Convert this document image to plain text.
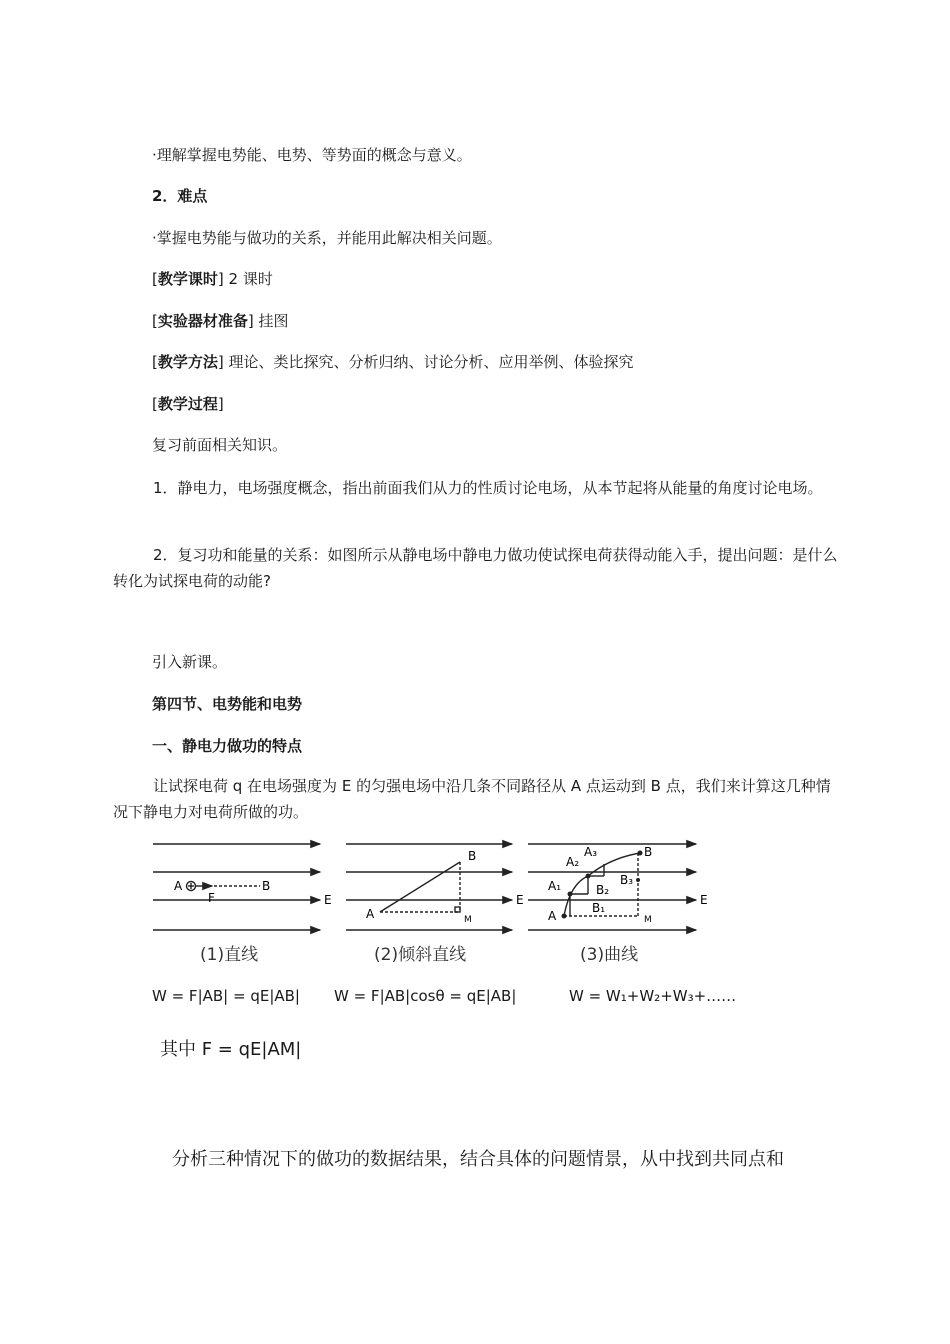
·理解掌握电势能、电势、等势面的概念与意义。
2．难点
·掌握电势能与做功的关系，并能用此解决相关问题。
[教学课时] 2 课时
[实验器材准备] 挂图
[教学方法] 理论、类比探究、分析归纳、讨论分析、应用举例、体验探究
[教学过程]
复习前面相关知识。
1．静电力，电场强度概念，指出前面我们从力的性质讨论电场，从本节起将从能量的角度讨论电场。
2．复习功和能量的关系：如图所示从静电场中静电力做功使试探电荷获得动能入手，提出问题：是什么转化为试探电荷的动能?
引入新课。
第四节、电势能和电势
一、静电力做功的特点
让试探电荷 q 在电场强度为 E 的匀强电场中沿几条不同路径从 A 点运动到 B 点，我们来计算这几种情况下静电力对电荷所做的功。
A	B
F	E
(1)直线
A
B
M
E
(2)倾斜直线
A
A₁
A₂
A₃	B
B₁
B₂
B₃
M
E
(3)曲线
W = F|AB| = qE|AB| W = F|AB|cosθ = qE|AB|	W = W₁+W₂+W₃+……
其中 F = qE|AM|
分析三种情况下的做功的数据结果，结合具体的问题情景，从中找到共同点和
